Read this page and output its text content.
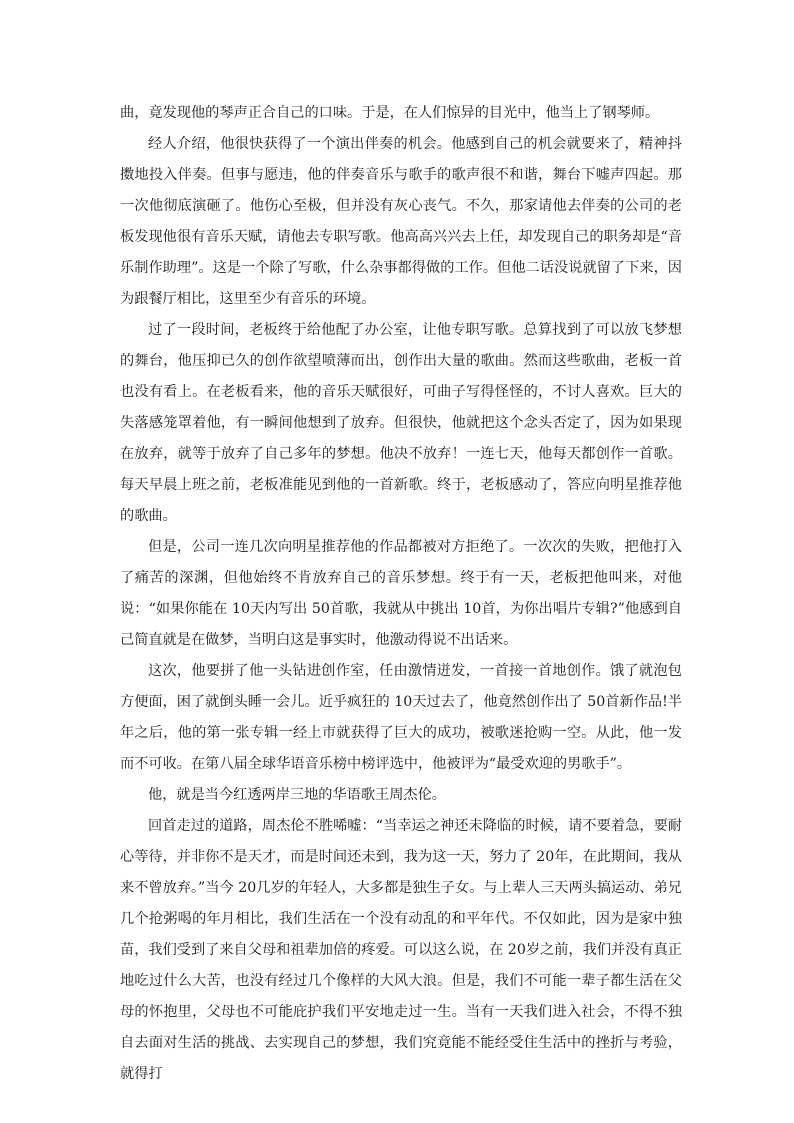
曲，竟发现他的琴声正合自己的口味。于是，在人们惊异的目光中，他当上了钢琴师。

经人介绍，他很快获得了一个演出伴奏的机会。他感到自己的机会就要来了，精神抖擞地投入伴奏。但事与愿违，他的伴奏音乐与歌手的歌声很不和谐，舞台下嘘声四起。那一次他彻底演砸了。他伤心至极，但并没有灰心丧气。不久，那家请他去伴奏的公司的老板发现他很有音乐天赋，请他去专职写歌。他高高兴兴去上任，却发现自己的职务却是“音乐制作助理”。这是一个除了写歌，什么杂事都得做的工作。但他二话没说就留了下来，因为跟餐厅相比，这里至少有音乐的环境。

过了一段时间，老板终于给他配了办公室，让他专职写歌。总算找到了可以放飞梦想的舞台，他压抑已久的创作欲望喷薄而出，创作出大量的歌曲。然而这些歌曲，老板一首也没有看上。在老板看来，他的音乐天赋很好，可曲子写得怪怪的，不讨人喜欢。巨大的失落感笼罩着他，有一瞬间他想到了放弃。但很快，他就把这个念头否定了，因为如果现在放弃，就等于放弃了自己多年的梦想。他决不放弃！一连七天，他每天都创作一首歌。每天早晨上班之前，老板准能见到他的一首新歌。终于，老板感动了，答应向明星推荐他的歌曲。

但是，公司一连几次向明星推荐他的作品都被对方拒绝了。一次次的失败，把他打入了痛苦的深渊，但他始终不肯放弃自己的音乐梦想。终于有一天，老板把他叫来，对他说：“如果你能在 10天内写出 50首歌，我就从中挑出 10首，为你出唱片专辑?”他感到自己简直就是在做梦，当明白这是事实时，他激动得说不出话来。

这次，他要拼了他一头钻进创作室，任由激情迸发，一首接一首地创作。饿了就泡包方便面，困了就倒头睡一会儿。近乎疯狂的 10天过去了，他竟然创作出了 50首新作品!半年之后，他的第一张专辑一经上市就获得了巨大的成功，被歌迷抢购一空。从此，他一发而不可收。在第八届全球华语音乐榜中榜评选中，他被评为“最受欢迎的男歌手”。

他，就是当今红透两岸三地的华语歌王周杰伦。

回首走过的道路，周杰伦不胜唏嘘：“当幸运之神还未降临的时候，请不要着急，要耐心等待，并非你不是天才，而是时间还未到，我为这一天，努力了 20年，在此期间，我从来不曾放弃。”当今 20几岁的年轻人，大多都是独生子女。与上辈人三天两头搞运动、弟兄几个抢粥喝的年月相比，我们生活在一个没有动乱的和平年代。不仅如此，因为是家中独苗，我们受到了来自父母和祖辈加倍的疼爱。可以这么说，在 20岁之前，我们并没有真正地吃过什么大苦，也没有经过几个像样的大风大浪。但是，我们不可能一辈子都生活在父母的怀抱里，父母也不可能庇护我们平安地走过一生。当有一天我们进入社会，不得不独自去面对生活的挑战、去实现自己的梦想，我们究竟能不能经受住生活中的挫折与考验，就得打
